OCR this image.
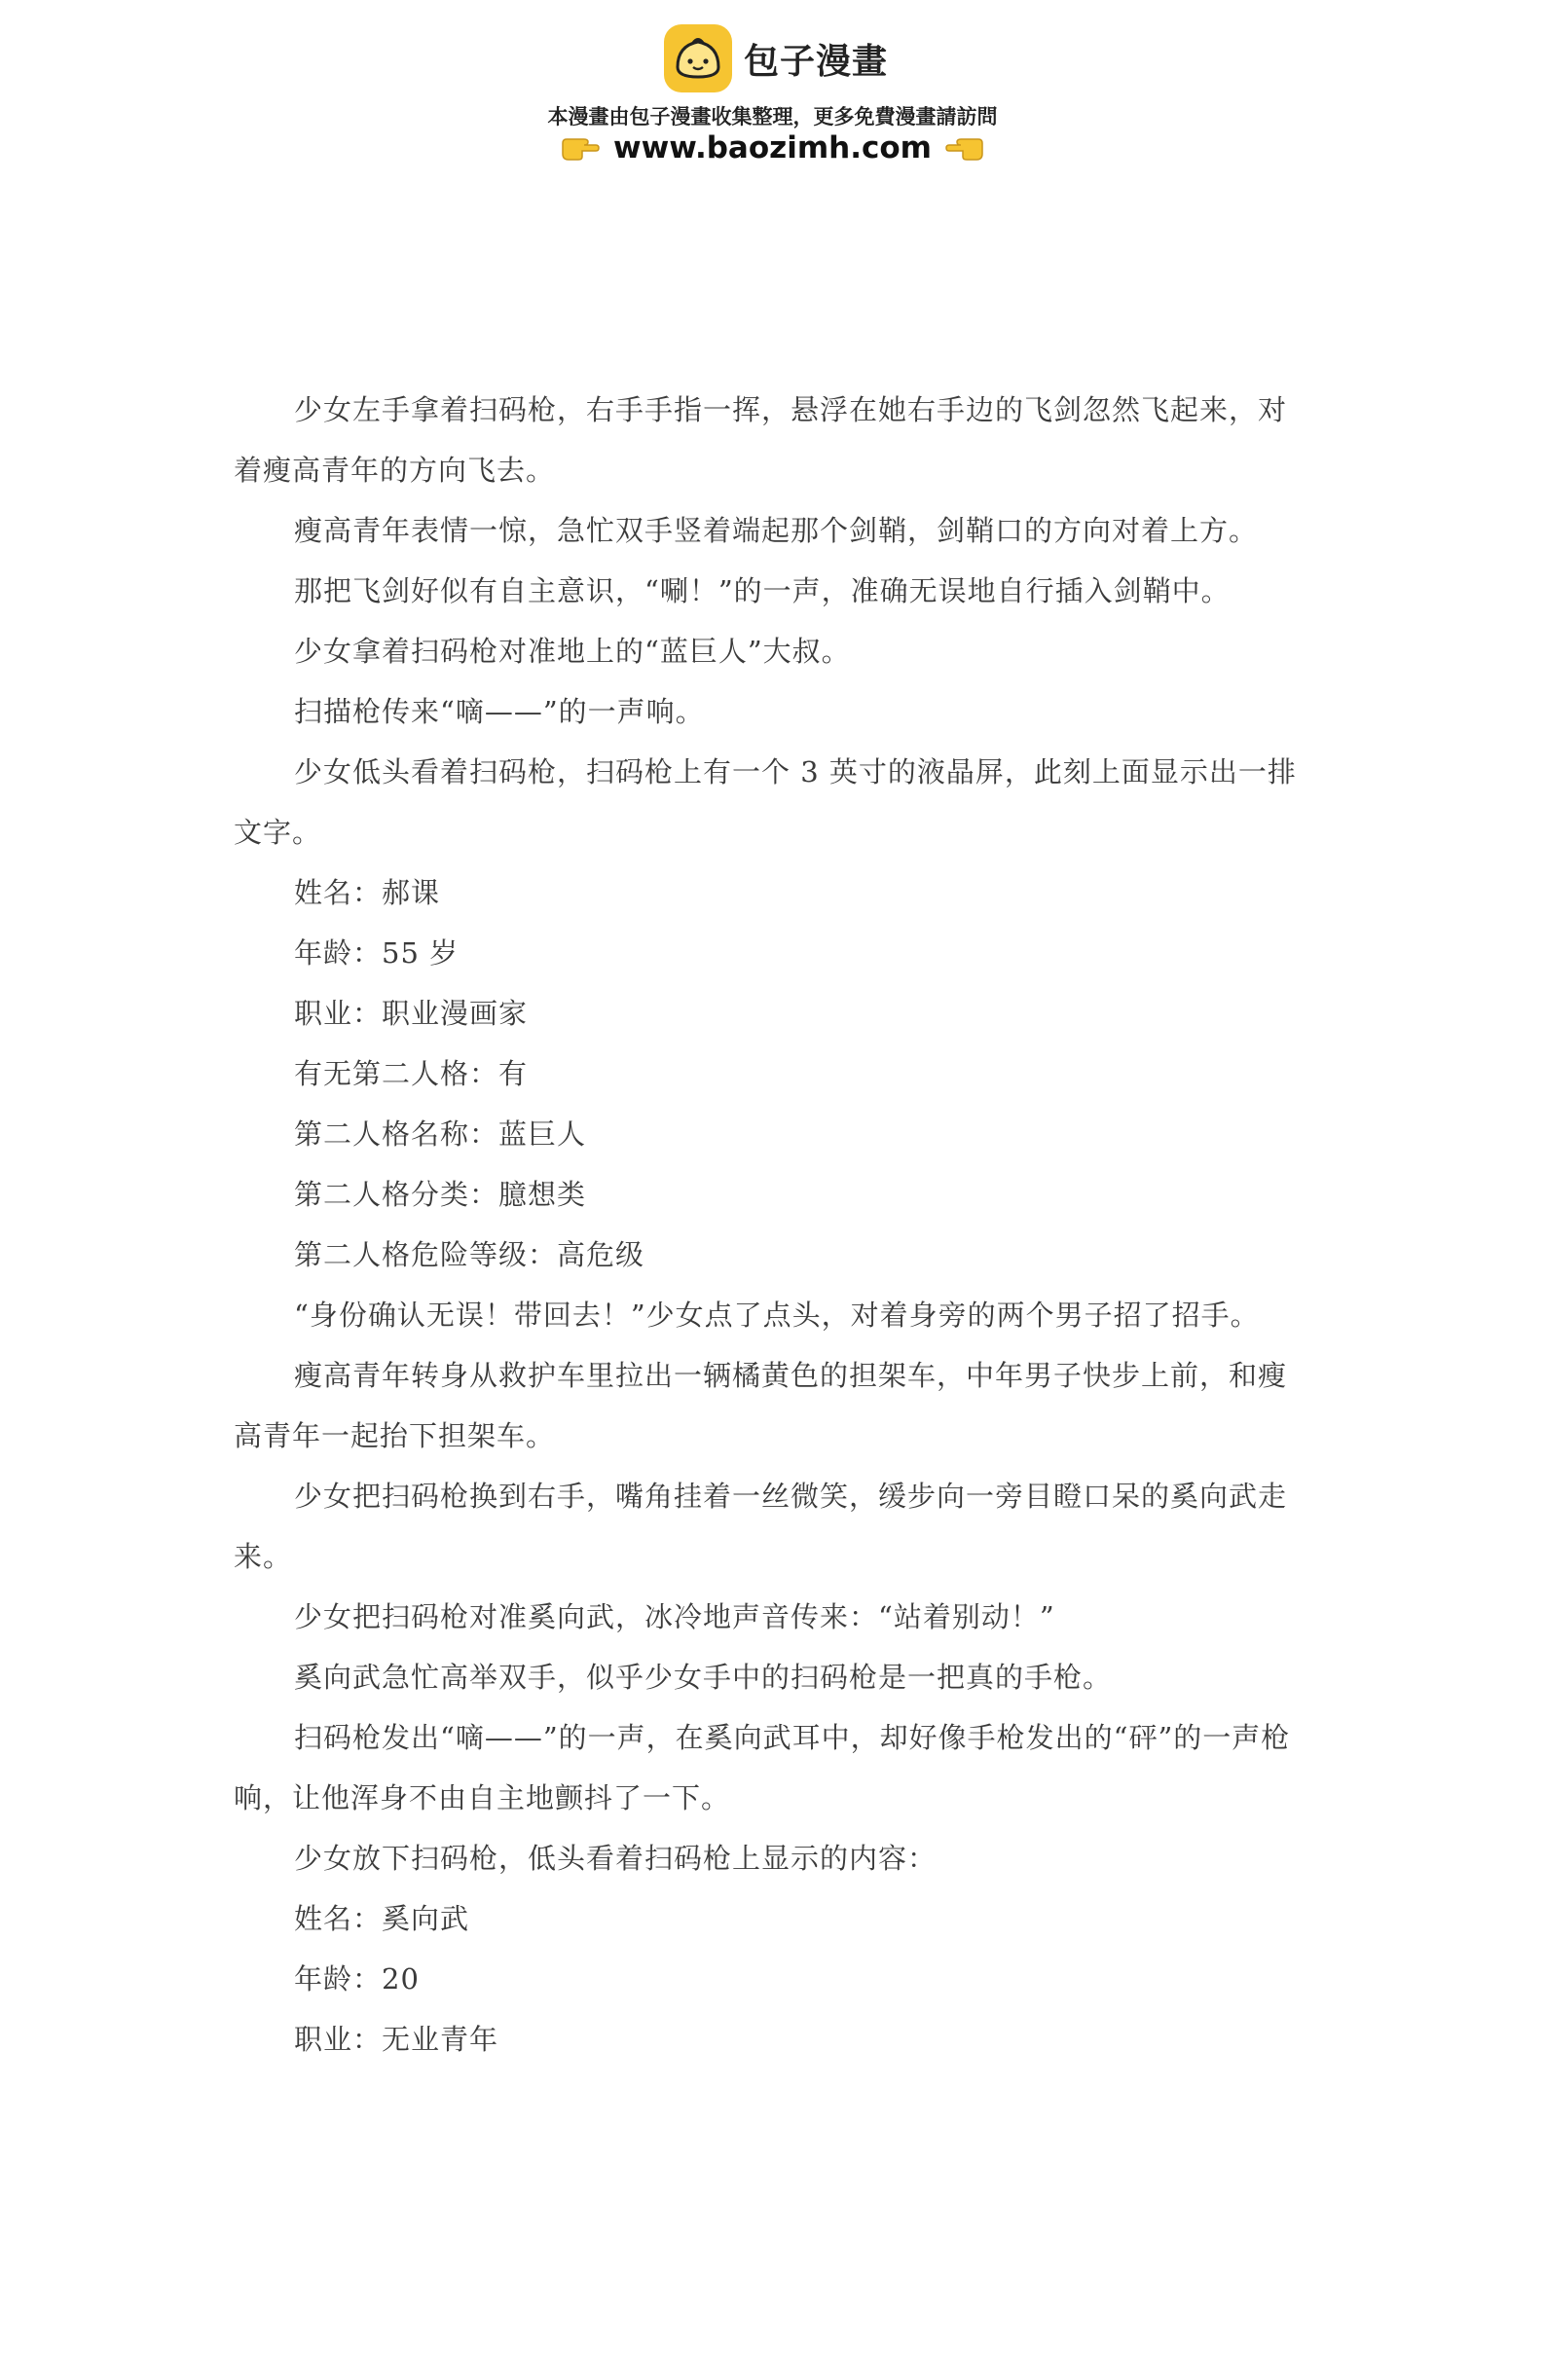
包子漫畫
本漫畫由包子漫畫收集整理，更多免費漫畫請訪問
www.baozimh.com

少女左手拿着扫码枪，右手手指一挥，悬浮在她右手边的飞剑忽然飞起来，对着瘦高青年的方向飞去。

瘦高青年表情一惊，急忙双手竖着端起那个剑鞘，剑鞘口的方向对着上方。

那把飞剑好似有自主意识，“唰！”的一声，准确无误地自行插入剑鞘中。

少女拿着扫码枪对准地上的“蓝巨人”大叔。

扫描枪传来“嘀——”的一声响。

少女低头看着扫码枪，扫码枪上有一个 3 英寸的液晶屏，此刻上面显示出一排文字。

姓名：郝课

年龄：55 岁

职业：职业漫画家

有无第二人格：有

第二人格名称：蓝巨人

第二人格分类：臆想类

第二人格危险等级：高危级

“身份确认无误！带回去！”少女点了点头，对着身旁的两个男子招了招手。

瘦高青年转身从救护车里拉出一辆橘黄色的担架车，中年男子快步上前，和瘦高青年一起抬下担架车。

少女把扫码枪换到右手，嘴角挂着一丝微笑，缓步向一旁目瞪口呆的奚向武走来。

少女把扫码枪对准奚向武，冰冷地声音传来：“站着别动！”

奚向武急忙高举双手，似乎少女手中的扫码枪是一把真的手枪。

扫码枪发出“嘀——”的一声，在奚向武耳中，却好像手枪发出的“砰”的一声枪响，让他浑身不由自主地颤抖了一下。

少女放下扫码枪，低头看着扫码枪上显示的内容：

姓名：奚向武

年龄：20

职业：无业青年
